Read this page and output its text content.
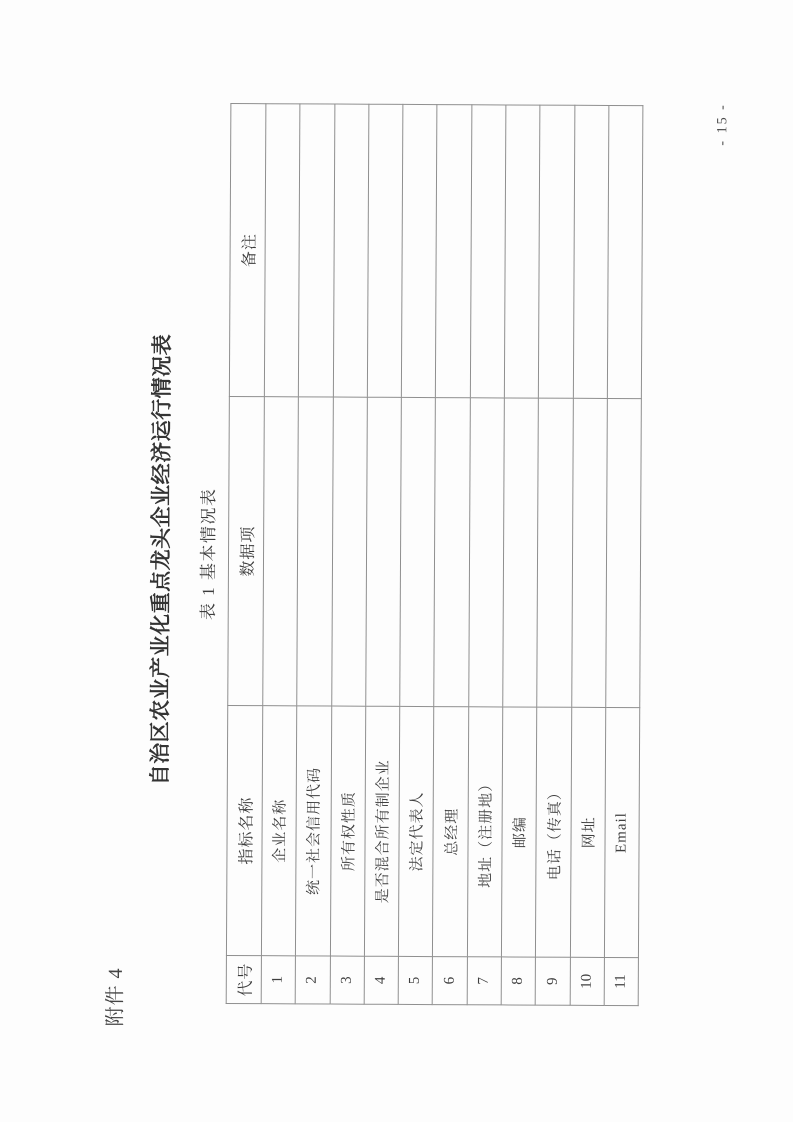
附件 4
自治区农业产业化重点龙头企业经济运行情况表	表 1 基本情况表
代号	指标名称	数据项	备注
1	企业名称		
2	统一社会信用代码		
3	所有权性质		
4	是否混合所有制企业		
5	法定代表人		
6	总经理		
7	地址（注册地）		
8	邮编		
9	电话（传真）		
10	网址		
11	Email		
- 15 -
